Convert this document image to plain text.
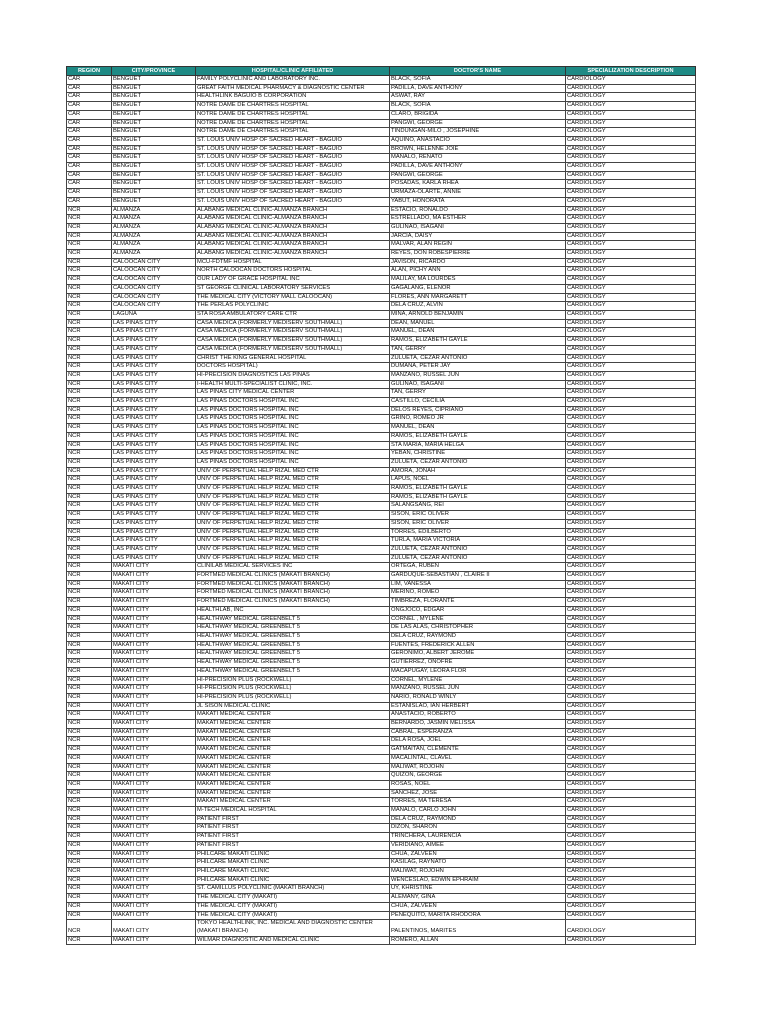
REGION	CITY/PROVINCE	HOSPITAL/CLINIC AFFILIATED	DOCTOR'S NAME	SPECIALIZATION DESCRIPTION
CAR	BENGUET	FAMILY POLYCLINIC AND LABORATORY INC.	BLACK, SOFIA	CARDIOLOGY
CAR	BENGUET	GREAT FAITH MEDICAL PHARMACY & DIAGNOSTIC CENTER	PADILLA, DAVE ANTHONY	CARDIOLOGY
CAR	BENGUET	HEALTHLINK BAGUIO B CORPORATION	ASWAT, RAY	CARDIOLOGY
CAR	BENGUET	NOTRE DAME DE CHARTRES HOSPITAL	BLACK, SOFIA	CARDIOLOGY
CAR	BENGUET	NOTRE DAME DE CHARTRES HOSPITAL	CLARO, BRIGIDA	CARDIOLOGY
CAR	BENGUET	NOTRE DAME DE CHARTRES HOSPITAL	PANGWI, GEORGE	CARDIOLOGY
CAR	BENGUET	NOTRE DAME DE CHARTRES HOSPITAL	TINDUNGAN-MILO , JOSEPHINE	CARDIOLOGY
CAR	BENGUET	ST. LOUIS UNIV HOSP OF SACRED HEART - BAGUIO	AQUINO, ANASTACIO	CARDIOLOGY
CAR	BENGUET	ST. LOUIS UNIV HOSP OF SACRED HEART - BAGUIO	BROWN, HELENNE JOIE	CARDIOLOGY
CAR	BENGUET	ST. LOUIS UNIV HOSP OF SACRED HEART - BAGUIO	MANALO, RENATO	CARDIOLOGY
CAR	BENGUET	ST. LOUIS UNIV HOSP OF SACRED HEART - BAGUIO	PADILLA, DAVE ANTHONY	CARDIOLOGY
CAR	BENGUET	ST. LOUIS UNIV HOSP OF SACRED HEART - BAGUIO	PANGWI, GEORGE	CARDIOLOGY
CAR	BENGUET	ST. LOUIS UNIV HOSP OF SACRED HEART - BAGUIO	POSADAS, KARLA RHEA	CARDIOLOGY
CAR	BENGUET	ST. LOUIS UNIV HOSP OF SACRED HEART - BAGUIO	URMAZA-OLARTE, ANNIE	CARDIOLOGY
CAR	BENGUET	ST. LOUIS UNIV HOSP OF SACRED HEART - BAGUIO	YABUT, HONORATA	CARDIOLOGY
NCR	ALMANZA	ALABANG MEDICAL CLINIC-ALMANZA BRANCH	ESTACIO, RONALDO	CARDIOLOGY
NCR	ALMANZA	ALABANG MEDICAL CLINIC-ALMANZA BRANCH	ESTRELLADO, MA ESTHER	CARDIOLOGY
NCR	ALMANZA	ALABANG MEDICAL CLINIC-ALMANZA BRANCH	GULINAO, ISAGANI	CARDIOLOGY
NCR	ALMANZA	ALABANG MEDICAL CLINIC-ALMANZA BRANCH	JARCIA, DAISY	CARDIOLOGY
NCR	ALMANZA	ALABANG MEDICAL CLINIC-ALMANZA BRANCH	MALVAR, ALAN REGIN	CARDIOLOGY
NCR	ALMANZA	ALABANG MEDICAL CLINIC-ALMANZA BRANCH	REYES, DON ROBESPIERRE	CARDIOLOGY
NCR	CALOOCAN CITY	MCU-FDTMF HOSPITAL	JAVISON, RICARDO	CARDIOLOGY
NCR	CALOOCAN CITY	NORTH CALOOCAN DOCTORS HOSPITAL	ALAN, PICHY ANN	CARDIOLOGY
NCR	CALOOCAN CITY	OUR LADY OF GRACE HOSPITAL INC	MALILAY, MA LOURDES	CARDIOLOGY
NCR	CALOOCAN CITY	ST GEORGE CLINICAL LABORATORY SERVICES	GAGALANG, ELENOR	CARDIOLOGY
NCR	CALOOCAN CITY	THE MEDICAL CITY (VICTORY MALL CALOOCAN)	FLORES, ANN MARGARETT	CARDIOLOGY
NCR	CALOOCAN CITY	THE PERLAS POLYCLINIC	DELA CRUZ, ALVIN	CARDIOLOGY
NCR	LAGUNA	STA ROSA AMBULATORY CARE CTR	MINA, ARNOLD BENJAMIN	CARDIOLOGY
NCR	LAS PIÑAS CITY	CASA MEDICA (FORMERLY MEDISERV SOUTHMALL)	DEAN, MANUEL	CARDIOLOGY
NCR	LAS PIÑAS CITY	CASA MEDICA (FORMERLY MEDISERV SOUTHMALL)	MANUEL, DEAN	CARDIOLOGY
NCR	LAS PIÑAS CITY	CASA MEDICA (FORMERLY MEDISERV SOUTHMALL)	RAMOS, ELIZABETH GAYLE	CARDIOLOGY
NCR	LAS PIÑAS CITY	CASA MEDICA (FORMERLY MEDISERV SOUTHMALL)	TAN, GERRY	CARDIOLOGY
NCR	LAS PIÑAS CITY	CHRIST THE KING GENERAL HOSPITAL	ZULUETA, CEZAR ANTONIO	CARDIOLOGY
NCR	LAS PIÑAS CITY	DOCTORS HOSPITAL)	DUMANA, PETER JAY	CARDIOLOGY
NCR	LAS PIÑAS CITY	HI-PRECISION DIAGNOSTICS LAS PINAS	MANZANO, RUSSEL JUN	CARDIOLOGY
NCR	LAS PIÑAS CITY	I-HEALTH MULTI-SPECIALIST CLINIC, INC.	GULINAO, ISAGANI	CARDIOLOGY
NCR	LAS PIÑAS CITY	LAS PIÑAS CITY MEDICAL CENTER	TAN, GERRY	CARDIOLOGY
NCR	LAS PIÑAS CITY	LAS PIÑAS DOCTORS HOSPITAL INC	CASTILLO, CECILIA	CARDIOLOGY
NCR	LAS PIÑAS CITY	LAS PIÑAS DOCTORS HOSPITAL INC	DELOS REYES, CIPRIANO	CARDIOLOGY
NCR	LAS PIÑAS CITY	LAS PIÑAS DOCTORS HOSPITAL INC	GRINO, ROMEO JR	CARDIOLOGY
NCR	LAS PIÑAS CITY	LAS PIÑAS DOCTORS HOSPITAL INC	MANUEL, DEAN	CARDIOLOGY
NCR	LAS PIÑAS CITY	LAS PIÑAS DOCTORS HOSPITAL INC	RAMOS, ELIZABETH GAYLE	CARDIOLOGY
NCR	LAS PIÑAS CITY	LAS PIÑAS DOCTORS HOSPITAL INC	STA MARIA, MARIA HELGA	CARDIOLOGY
NCR	LAS PIÑAS CITY	LAS PIÑAS DOCTORS HOSPITAL INC	YEBAN, CHRISTINE	CARDIOLOGY
NCR	LAS PIÑAS CITY	LAS PIÑAS DOCTORS HOSPITAL INC	ZULUETA, CEZAR ANTONIO	CARDIOLOGY
NCR	LAS PIÑAS CITY	UNIV OF PERPETUAL HELP RIZAL MED CTR	AMORA, JONAH	CARDIOLOGY
NCR	LAS PIÑAS CITY	UNIV OF PERPETUAL HELP RIZAL MED CTR	LAPUS, NOEL	CARDIOLOGY
NCR	LAS PIÑAS CITY	UNIV OF PERPETUAL HELP RIZAL MED CTR	RAMOS, ELIZABETH GAYLE	CARDIOLOGY
NCR	LAS PIÑAS CITY	UNIV OF PERPETUAL HELP RIZAL MED CTR	RAMOS, ELIZABETH GAYLE	CARDIOLOGY
NCR	LAS PIÑAS CITY	UNIV OF PERPETUAL HELP RIZAL MED CTR	SALANGSANG, REI	CARDIOLOGY
NCR	LAS PIÑAS CITY	UNIV OF PERPETUAL HELP RIZAL MED CTR	SISON, ERIC OLIVER	CARDIOLOGY
NCR	LAS PIÑAS CITY	UNIV OF PERPETUAL HELP RIZAL MED CTR	SISON, ERIC OLIVER	CARDIOLOGY
NCR	LAS PIÑAS CITY	UNIV OF PERPETUAL HELP RIZAL MED CTR	TORRES, EDILBERTO	CARDIOLOGY
NCR	LAS PIÑAS CITY	UNIV OF PERPETUAL HELP RIZAL MED CTR	TURLA, MARIA VICTORIA	CARDIOLOGY
NCR	LAS PIÑAS CITY	UNIV OF PERPETUAL HELP RIZAL MED CTR	ZULUETA, CEZAR ANTONIO	CARDIOLOGY
NCR	LAS PIÑAS CITY	UNIV OF PERPETUAL HELP RIZAL MED CTR	ZULUETA, CEZAR ANTONIO	CARDIOLOGY
NCR	MAKATI CITY	CLINILAB MEDICAL SERVICES INC	ORTEGA, RUBEN	CARDIOLOGY
NCR	MAKATI CITY	FORTMED MEDICAL CLINICS (MAKATI BRANCH)	GARDUQUE-SEBASTIAN , CLAIRE II	CARDIOLOGY
NCR	MAKATI CITY	FORTMED MEDICAL CLINICS (MAKATI BRANCH)	LIM, VANESSA	CARDIOLOGY
NCR	MAKATI CITY	FORTMED MEDICAL CLINICS (MAKATI BRANCH)	MERINO, ROMEO	CARDIOLOGY
NCR	MAKATI CITY	FORTMED MEDICAL CLINICS (MAKATI BRANCH)	TIMBREZA, FLORANTE	CARDIOLOGY
NCR	MAKATI CITY	HEALTHLAB, INC	ONGJOCO, EDGAR	CARDIOLOGY
NCR	MAKATI CITY	HEALTHWAY MEDICAL GREENBELT 5	CORNEL , MYLENE	CARDIOLOGY
NCR	MAKATI CITY	HEALTHWAY MEDICAL GREENBELT 5	DE LAS ALAS, CHRISTOPHER	CARDIOLOGY
NCR	MAKATI CITY	HEALTHWAY MEDICAL GREENBELT 5	DELA CRUZ, RAYMOND	CARDIOLOGY
NCR	MAKATI CITY	HEALTHWAY MEDICAL GREENBELT 5	FUENTES, FREDERICK ALLEN	CARDIOLOGY
NCR	MAKATI CITY	HEALTHWAY MEDICAL GREENBELT 5	GERONIMO, ALBERT JEROME	CARDIOLOGY
NCR	MAKATI CITY	HEALTHWAY MEDICAL GREENBELT 5	GUTIERREZ, ONOFRE	CARDIOLOGY
NCR	MAKATI CITY	HEALTHWAY MEDICAL GREENBELT 5	MACAPUGAY, LEORA FLOR	CARDIOLOGY
NCR	MAKATI CITY	HI-PRECISION PLUS (ROCKWELL)	CORNEL, MYLENE	CARDIOLOGY
NCR	MAKATI CITY	HI-PRECISION PLUS (ROCKWELL)	MANZANO, RUSSEL JUN	CARDIOLOGY
NCR	MAKATI CITY	HI-PRECISION PLUS (ROCKWELL)	NARIO, RONALD WINLY	CARDIOLOGY
NCR	MAKATI CITY	JL SISON MEDICAL CLINIC	ESTANISLAO, IAN HERBERT	CARDIOLOGY
NCR	MAKATI CITY	MAKATI MEDICAL CENTER	ANASTACIO, ROBERTO	CARDIOLOGY
NCR	MAKATI CITY	MAKATI MEDICAL CENTER	BERNARDO, JASMIN MELISSA	CARDIOLOGY
NCR	MAKATI CITY	MAKATI MEDICAL CENTER	CABRAL, ESPERANZA	CARDIOLOGY
NCR	MAKATI CITY	MAKATI MEDICAL CENTER	DELA ROSA, JOEL	CARDIOLOGY
NCR	MAKATI CITY	MAKATI MEDICAL CENTER	GATMAITAN, CLEMENTE	CARDIOLOGY
NCR	MAKATI CITY	MAKATI MEDICAL CENTER	MACALINTAL, CLAVEL	CARDIOLOGY
NCR	MAKATI CITY	MAKATI MEDICAL CENTER	MALIWAT, ROJOHN	CARDIOLOGY
NCR	MAKATI CITY	MAKATI MEDICAL CENTER	QUIZON, GEORGE	CARDIOLOGY
NCR	MAKATI CITY	MAKATI MEDICAL CENTER	ROSAS, NOEL	CARDIOLOGY
NCR	MAKATI CITY	MAKATI MEDICAL CENTER	SANCHEZ, JOSE	CARDIOLOGY
NCR	MAKATI CITY	MAKATI MEDICAL CENTER	TORRES, MA TERESA	CARDIOLOGY
NCR	MAKATI CITY	M-TECH MEDICAL HOSPITAL	MANALO, CARLO JOHN	CARDIOLOGY
NCR	MAKATI CITY	PATIENT FIRST	DELA CRUZ, RAYMOND	CARDIOLOGY
NCR	MAKATI CITY	PATIENT FIRST	DIZON, SHARON	CARDIOLOGY
NCR	MAKATI CITY	PATIENT FIRST	TRINCHERA, LAURENCIA	CARDIOLOGY
NCR	MAKATI CITY	PATIENT FIRST	VERIDIANO, AIMEE	CARDIOLOGY
NCR	MAKATI CITY	PHILCARE MAKATI CLINIC	CHUA, ZALVEEN	CARDIOLOGY
NCR	MAKATI CITY	PHILCARE MAKATI CLINIC	KASILAG, RAYNATO	CARDIOLOGY
NCR	MAKATI CITY	PHILCARE MAKATI CLINIC	MALIWAT, ROJOHN	CARDIOLOGY
NCR	MAKATI CITY	PHILCARE MAKATI CLINIC	WENCESLAO, EDWIN EPHRAIM	CARDIOLOGY
NCR	MAKATI CITY	ST. CAMILLUS POLYCLINIC (MAKATI BRANCH)	UY, KHRISTINE	CARDIOLOGY
NCR	MAKATI CITY	THE MEDICAL CITY (MAKATI)	ALEMANY, GINA	CARDIOLOGY
NCR	MAKATI CITY	THE MEDICAL CITY (MAKATI)	CHUA, ZALVEEN	CARDIOLOGY
NCR	MAKATI CITY	THE MEDICAL CITY (MAKATI)	PENEQUITO, MARITA RHODORA	CARDIOLOGY
NCR	MAKATI CITY	TOKYO HEALTHLINK, INC. MEDICAL AND DIAGNOSTIC CENTER (MAKATI BRANCH)	PALENTINOS, MARITES	CARDIOLOGY
NCR	MAKATI CITY	WILMAR DIAGNOSTIC AND MEDICAL CLINIC	ROMERO, ALLAN	CARDIOLOGY
